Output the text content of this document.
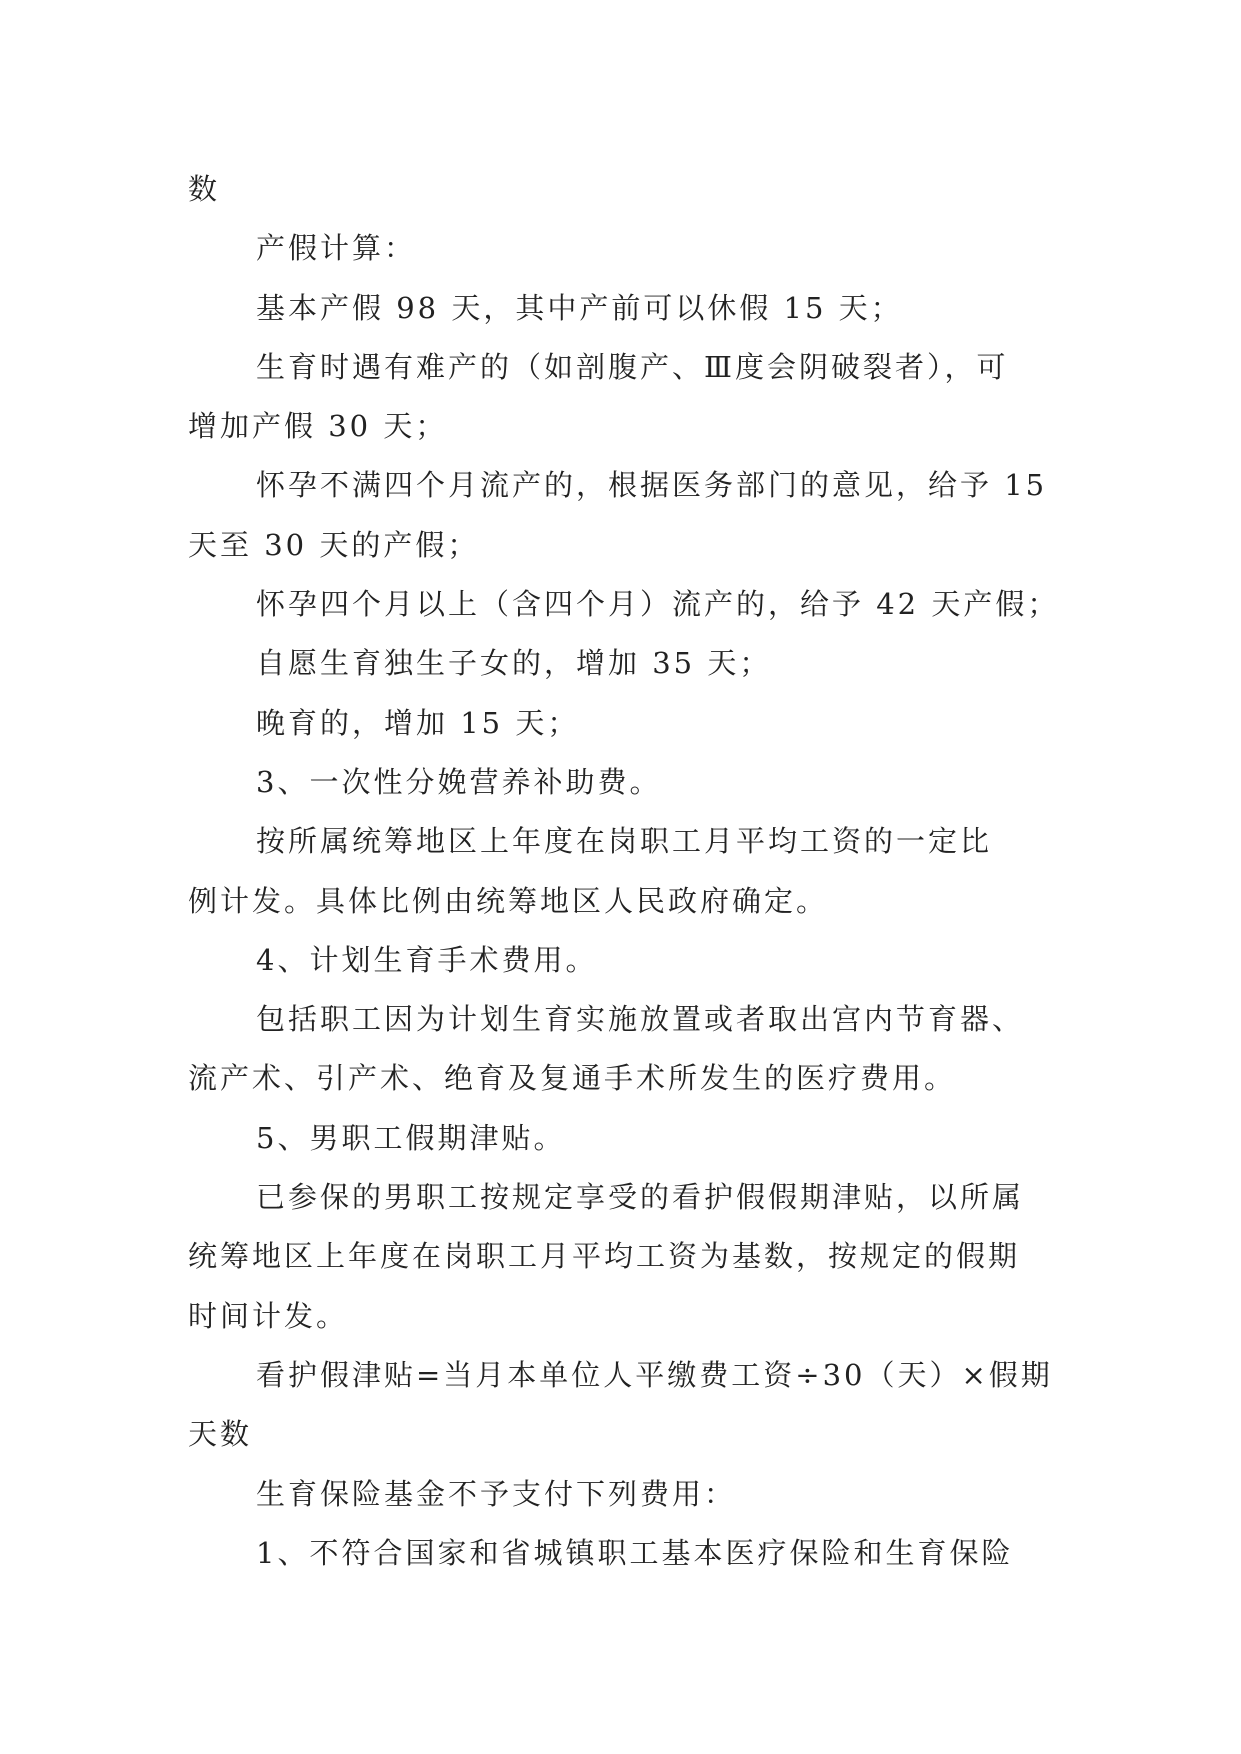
数
产假计算：
基本产假 98 天，其中产前可以休假 15 天；
生育时遇有难产的（如剖腹产、Ⅲ度会阴破裂者），可
增加产假 30 天；
怀孕不满四个月流产的，根据医务部门的意见，给予 15
天至 30 天的产假；
怀孕四个月以上（含四个月）流产的，给予 42 天产假；
自愿生育独生子女的，增加 35 天；
晚育的，增加 15 天；
3、一次性分娩营养补助费。
按所属统筹地区上年度在岗职工月平均工资的一定比
例计发。具体比例由统筹地区人民政府确定。
4、计划生育手术费用。
包括职工因为计划生育实施放置或者取出宫内节育器、
流产术、引产术、绝育及复通手术所发生的医疗费用。
5、男职工假期津贴。
已参保的男职工按规定享受的看护假假期津贴，以所属
统筹地区上年度在岗职工月平均工资为基数，按规定的假期
时间计发。
看护假津贴=当月本单位人平缴费工资÷30（天）×假期
天数
生育保险基金不予支付下列费用：
1、不符合国家和省城镇职工基本医疗保险和生育保险
